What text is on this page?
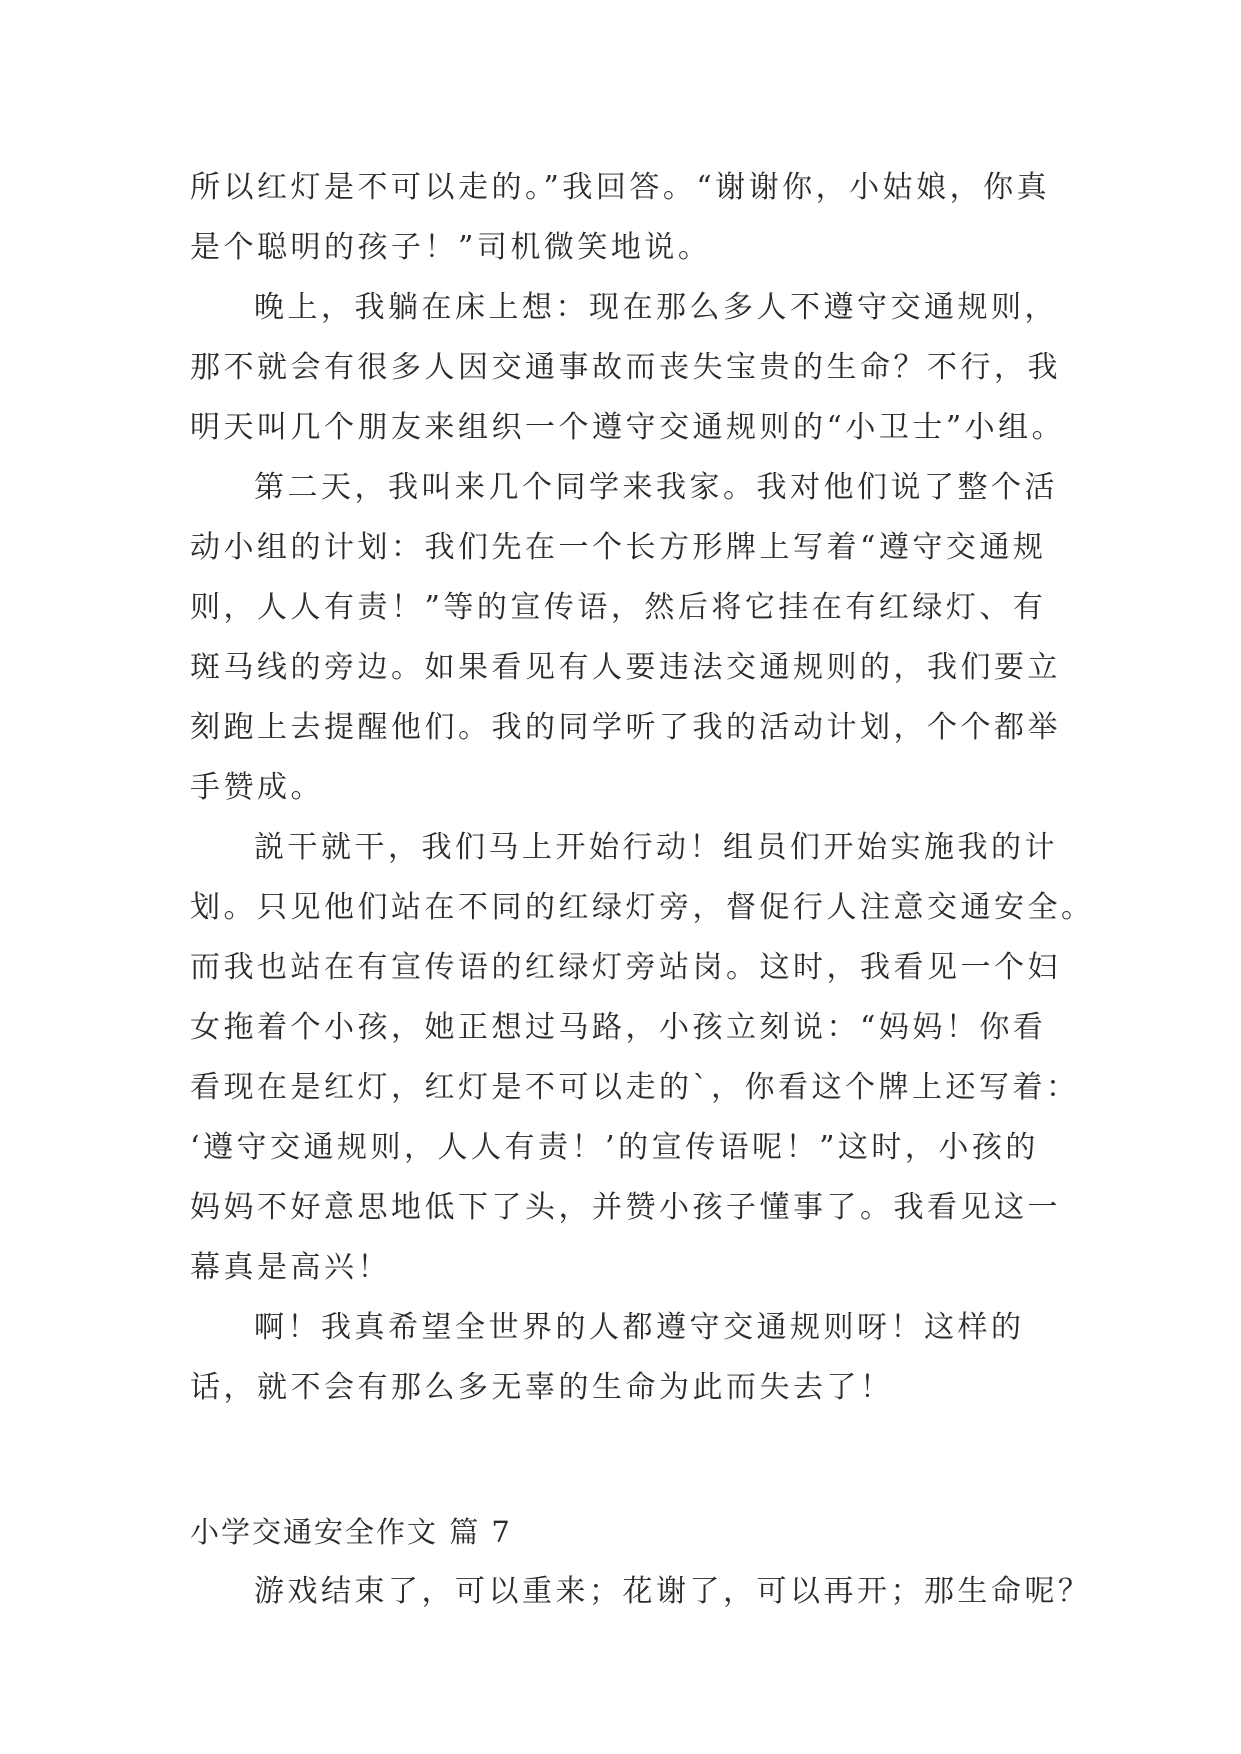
所以红灯是不可以走的。”我回答。“谢谢你，小姑娘，你真
是个聪明的孩子！”司机微笑地说。
晚上，我躺在床上想：现在那么多人不遵守交通规则，
那不就会有很多人因交通事故而丧失宝贵的生命？不行，我
明天叫几个朋友来组织一个遵守交通规则的“小卫士”小组。
第二天，我叫来几个同学来我家。我对他们说了整个活
动小组的计划：我们先在一个长方形牌上写着“遵守交通规
则，人人有责！”等的宣传语，然后将它挂在有红绿灯、有
斑马线的旁边。如果看见有人要违法交通规则的，我们要立
刻跑上去提醒他们。我的同学听了我的活动计划，个个都举
手赞成。
説干就干，我们马上开始行动！组员们开始实施我的计
划。只见他们站在不同的红绿灯旁，督促行人注意交通安全。
而我也站在有宣传语的红绿灯旁站岗。这时，我看见一个妇
女拖着个小孩，她正想过马路，小孩立刻说：“妈妈！你看
看现在是红灯，红灯是不可以走的`，你看这个牌上还写着：
‘遵守交通规则，人人有责！’的宣传语呢！”这时，小孩的
妈妈不好意思地低下了头，并赞小孩子懂事了。我看见这一
幕真是高兴！
啊！我真希望全世界的人都遵守交通规则呀！这样的
话，就不会有那么多无辜的生命为此而失去了！
小学交通安全作文 篇 7
游戏结束了，可以重来；花谢了，可以再开；那生命呢？
